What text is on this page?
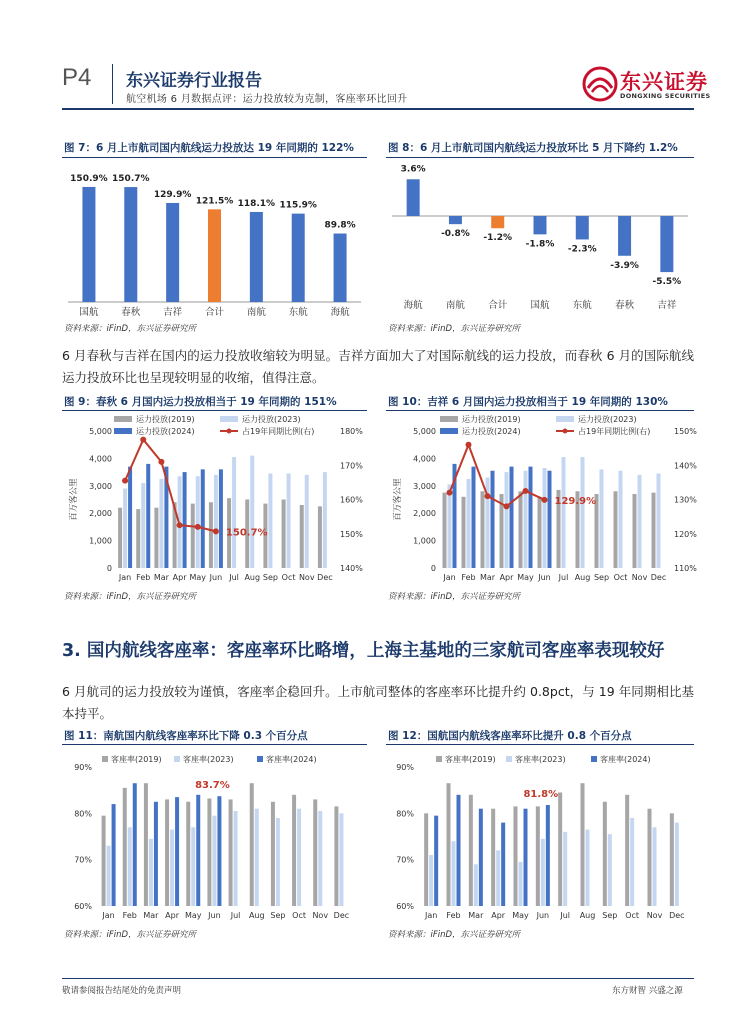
P4 东兴证券行业报告
航空机场 6 月数据点评：运力投放较为克制，客座率环比回升
东兴证券
DONGXING SECURITIES
图 7：6 月上市航司国内航线运力投放达 19 年同期的 122%
150.9%
国航
150.7%
春秋
129.9%
吉祥
121.5%
合计
118.1%
南航
115.9%
东航
89.8%
海航
资料来源：iFinD，东兴证券研究所
图 8：6 月上市航司国内航线运力投放环比 5 月下降约 1.2%
3.6%
海航
-0.8%
南航
-1.2%
合计
-1.8%
国航
-2.3%
东航
-3.9%
春秋
-5.5%
吉祥
资料来源：iFinD，东兴证券研究所
6 月春秋与吉祥在国内的运力投放收缩较为明显。吉祥方面加大了对国际航线的运力投放，而春秋 6 月的国际航线运力投放环比也呈现较明显的收缩，值得注意。
图 9：春秋 6 月国内运力投放相当于 19 年同期的 151%
运力投放(2019)	运力投放(2023)
运力投放(2024)	占19年同期比例(右)
0
1,000
2,000
3,000
4,000
5,000
140%
150%
160%
170%
180%
百万客公里
Jan Feb Mar Apr May Jun Jul Aug Sep Oct Nov Dec
150.7%
资料来源：iFinD，东兴证券研究所
图 10：吉祥 6 月国内运力投放相当于 19 年同期的 130%
运力投放(2019)	运力投放(2023)
运力投放(2024)	占19年同期比例(右)
0
1,000
2,000
3,000
4,000
5,000
110%
120%
130%
140%
150%
百万客公里
Jan Feb Mar Apr May Jun Jul Aug Sep Oct Nov Dec
129.9%
资料来源：iFinD，东兴证券研究所
3. 国内航线客座率：客座率环比略增，上海主基地的三家航司客座率表现较好
6 月航司的运力投放较为谨慎，客座率企稳回升。上市航司整体的客座率环比提升约 0.8pct，与 19 年同期相比基本持平。
图 11：南航国内航线客座率环比下降 0.3 个百分点
客座率(2019)	客座率(2023)	客座率(2024)
60%
70%
80%
90%
Jan Feb Mar Apr May Jun Jul Aug Sep Oct Nov Dec
83.7%
资料来源：iFinD，东兴证券研究所
图 12：国航国内航线客座率环比提升 0.8 个百分点
客座率(2019) 客座率(2023)	客座率(2024)
60%
70%
80%
90%
Jan Feb Mar Apr May Jun Jul Aug Sep Oct Nov Dec
81.8%
资料来源：iFinD，东兴证券研究所
敬请参阅报告结尾处的免责声明	东方财智 兴盛之源
